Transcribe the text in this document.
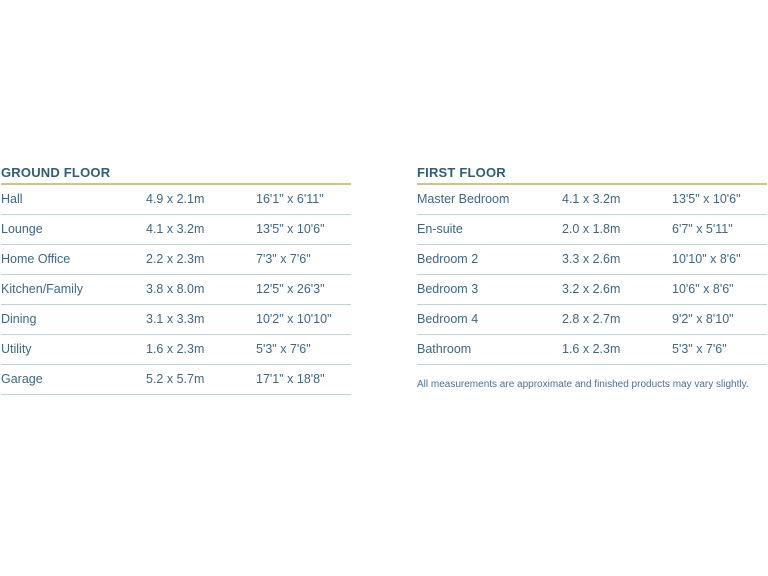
GROUND FLOOR
Hall	4.9 x 2.1m	16'1" x 6'11"
Lounge	4.1 x 3.2m	13'5" x 10'6"
Home Office	2.2 x 2.3m	7'3" x 7'6"
Kitchen/Family	3.8 x 8.0m	12'5" x 26'3"
Dining	3.1 x 3.3m	10'2" x 10'10"
Utility	1.6 x 2.3m	5'3" x 7'6"
Garage	5.2 x 5.7m	17'1" x 18'8"
FIRST FLOOR
Master Bedroom	4.1 x 3.2m	13'5" x 10'6"
En-suite	2.0 x 1.8m	6'7" x 5'11"
Bedroom 2	3.3 x 2.6m	10'10" x 8'6"
Bedroom 3	3.2 x 2.6m	10'6" x 8'6"
Bedroom 4	2.8 x 2.7m	9'2" x 8'10"
Bathroom	1.6 x 2.3m	5'3" x 7'6"
All measurements are approximate and finished products may vary slightly.
